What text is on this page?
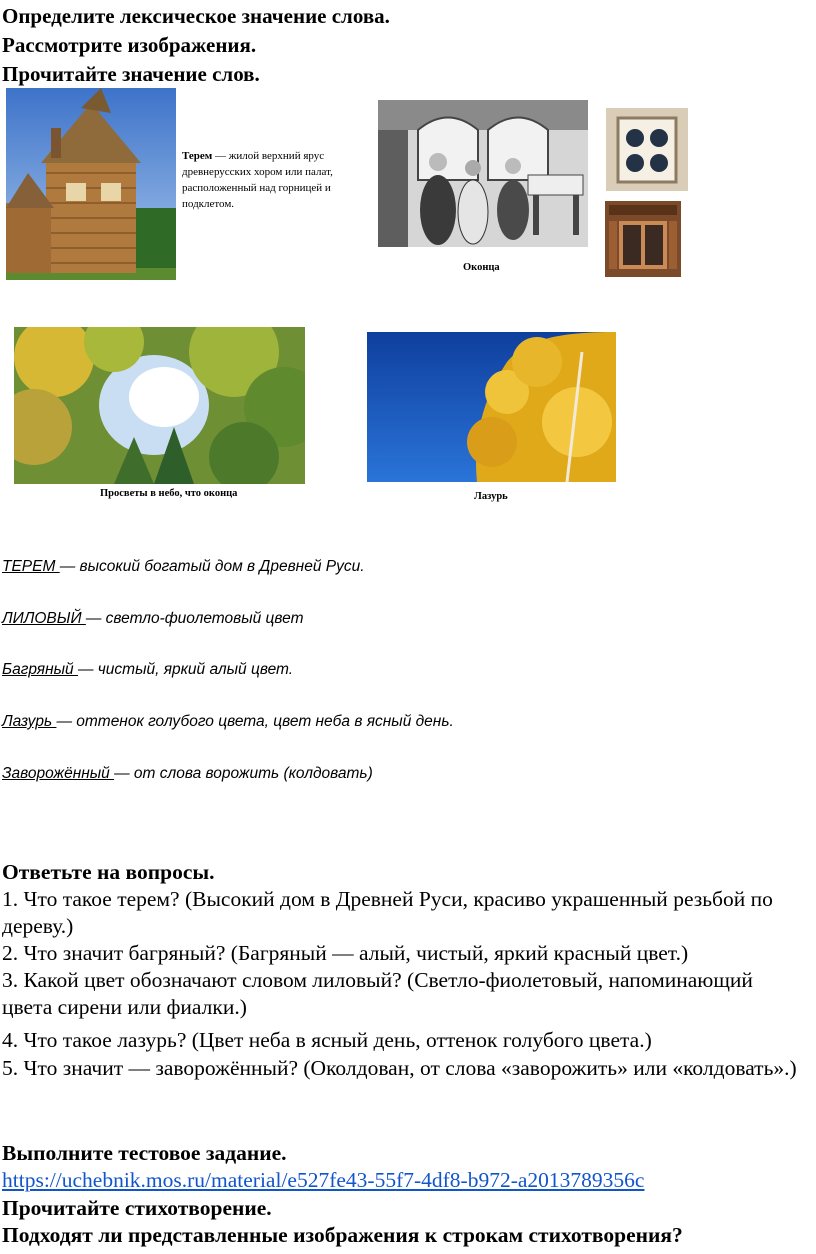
Определите лексическое значение слова.
Рассмотрите изображения.
Прочитайте значение слов.
Терем — жилой верхний ярус древнерусских хором или палат, расположенный над горницей и подклетом.
Оконца
Просветы в небо, что оконца	Лазурь
ТЕРЕМ — высокий богатый дом в Древней Руси.
ЛИЛОВЫЙ — светло-фиолетовый цвет
Багряный — чистый, яркий алый цвет.
Лазурь — оттенок голубого цвета, цвет неба в ясный день.
Заворожённый — от слова ворожить (колдовать)
Ответьте на вопросы.
1. Что такое терем? (Высокий дом в Древней Руси, красиво украшенный резьбой по дереву.)
2. Что значит багряный? (Багряный — алый, чистый, яркий красный цвет.)
3. Какой цвет обозначают словом лиловый? (Светло-фиолетовый, напоминающий цвета сирени или фиалки.)
4. Что такое лазурь? (Цвет неба в ясный день, оттенок голубого цвета.)
5. Что значит — заворожённый? (Околдован, от слова «заворожить» или «колдовать».)
Выполните тестовое задание.
https://uchebnik.mos.ru/material/e527fe43-55f7-4df8-b972-a2013789356c
Прочитайте стихотворение.
Подходят ли представленные изображения к строкам стихотворения?
